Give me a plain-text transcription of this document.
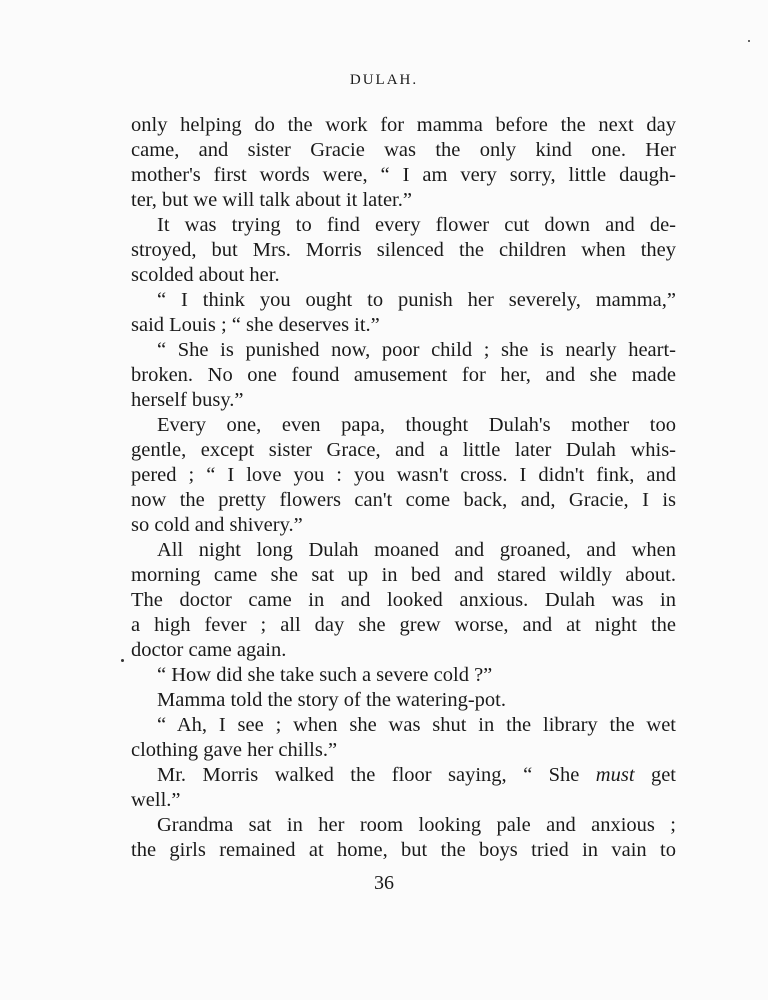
DULAH.
only helping do the work for mamma before the next day
came, and sister Gracie was the only kind one. Her
mother's first words were, “ I am very sorry, little daugh-
ter, but we will talk about it later.”
It was trying to find every flower cut down and de-
stroyed, but Mrs. Morris silenced the children when they
scolded about her.
“ I think you ought to punish her severely, mamma,”
said Louis ; “ she deserves it.”
“ She is punished now, poor child ; she is nearly heart-
broken. No one found amusement for her, and she made
herself busy.”
Every one, even papa, thought Dulah's mother too
gentle, except sister Grace, and a little later Dulah whis-
pered ; “ I love you : you wasn't cross. I didn't fink, and
now the pretty flowers can't come back, and, Gracie, I is
so cold and shivery.”
All night long Dulah moaned and groaned, and when
morning came she sat up in bed and stared wildly about.
The doctor came in and looked anxious. Dulah was in
a high fever ; all day she grew worse, and at night the
doctor came again.
“ How did she take such a severe cold ?”
Mamma told the story of the watering-pot.
“ Ah, I see ; when she was shut in the library the wet
clothing gave her chills.”
Mr. Morris walked the floor saying, “ She must get
well.”
Grandma sat in her room looking pale and anxious ;
the girls remained at home, but the boys tried in vain to
36
